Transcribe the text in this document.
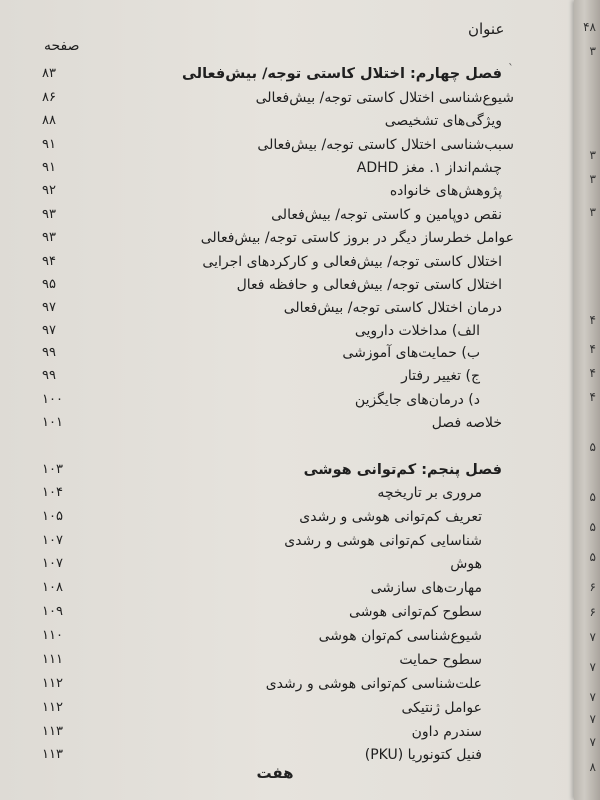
عنوان
صفحه
`
فصل چهارم: اختلال کاستی توجه/ بیش‌فعالی
۸۳
شیوع‌شناسی اختلال کاستی توجه/ بیش‌فعالی
۸۶
ویژگی‌های تشخیصی
۸۸
سبب‌شناسی اختلال کاستی توجه/ بیش‌فعالی
۹۱
چشم‌انداز ۱. مغز ADHD
۹۱
پژوهش‌های خانواده
۹۲
نقص دوپامین و کاستی توجه/ بیش‌فعالی
۹۳
عوامل خطرساز دیگر در بروز کاستی توجه/ بیش‌فعالی
۹۳
اختلال کاستی توجه/ بیش‌فعالی و کارکردهای اجرایی
۹۴
اختلال کاستی توجه/ بیش‌فعالی و حافظه فعال
۹۵
درمان اختلال کاستی توجه/ بیش‌فعالی
۹۷
الف) مداخلات دارویی
۹۷
ب) حمایت‌های آموزشی
۹۹
ج) تغییر رفتار
۹۹
د) درمان‌های جایگزین
۱۰۰
خلاصه فصل
۱۰۱
فصل پنجم: کم‌توانی هوشی
۱۰۳
مروری بر تاریخچه
۱۰۴
تعریف کم‌توانی هوشی و رشدی
۱۰۵
شناسایی کم‌توانی هوشی و رشدی
۱۰۷
هوش
۱۰۷
مهارت‌های سازشی
۱۰۸
سطوح کم‌توانی هوشی
۱۰۹
شیوع‌شناسی کم‌توان هوشی
۱۱۰
سطوح حمایت
۱۱۱
علت‌شناسی کم‌توانی هوشی و رشدی
۱۱۲
عوامل ژنتیکی
۱۱۲
سندرم داون
۱۱۳
فنیل کتونوریا (PKU)
۱۱۳
هفت
۴۸
۳
۳
۳
۳
۴
۴
۴
۴
۵
۵
۵
۵
۶
۶
۷
۷
۷
۷
۷
۸
